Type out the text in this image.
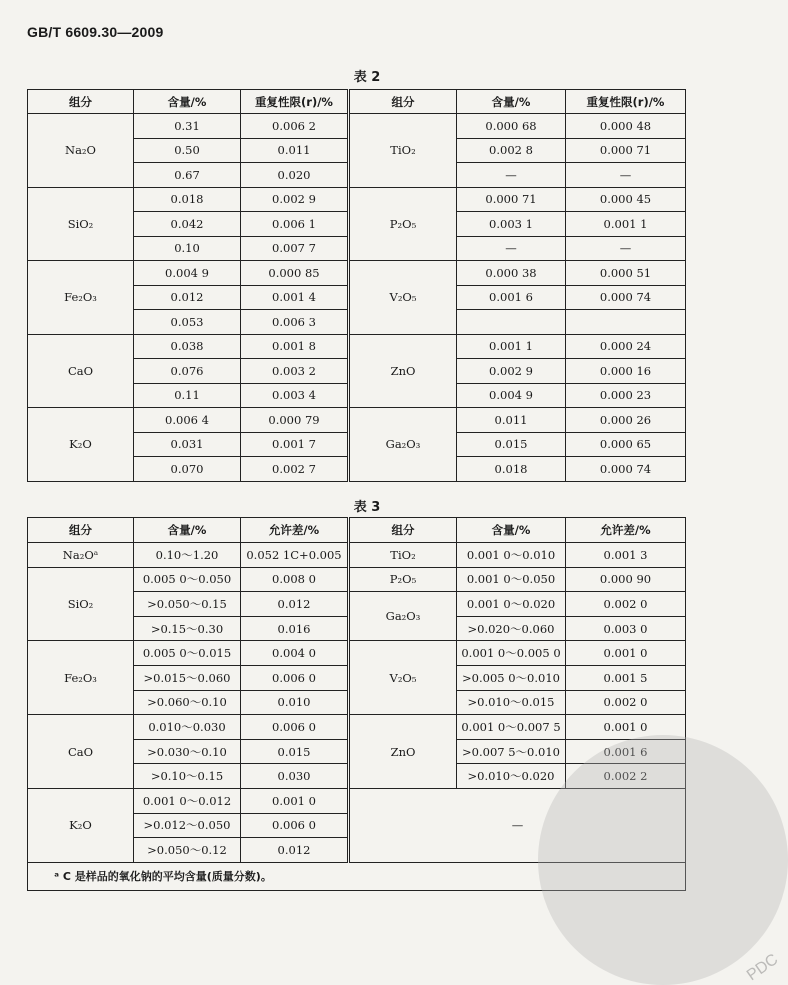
GB/T 6609.30—2009
表 2
组分	含量/%	重复性限(r)/%	组分	含量/%	重复性限(r)/%
Na₂O	0.31	0.006 2	TiO₂	0.000 68	0.000 48
	0.50	0.011		0.002 8	0.000 71
	0.67	0.020		—	—
SiO₂	0.018	0.002 9	P₂O₅	0.000 71	0.000 45
	0.042	0.006 1		0.003 1	0.001 1
	0.10	0.007 7		—	—
Fe₂O₃	0.004 9	0.000 85	V₂O₅	0.000 38	0.000 51
	0.012	0.001 4		0.001 6	0.000 74
	0.053	0.006 3			
CaO	0.038	0.001 8	ZnO	0.001 1	0.000 24
	0.076	0.003 2		0.002 9	0.000 16
	0.11	0.003 4		0.004 9	0.000 23
K₂O	0.006 4	0.000 79	Ga₂O₃	0.011	0.000 26
	0.031	0.001 7		0.015	0.000 65
	0.070	0.002 7		0.018	0.000 74
表 3
组分	含量/%	允许差/%	组分	含量/%	允许差/%
Na₂Oᵃ	0.10～1.20	0.052 1C+0.005	TiO₂	0.001 0～0.010	0.001 3
SiO₂	0.005 0～0.050	0.008 0	P₂O₅	0.001 0～0.050	0.000 90
	>0.050～0.15	0.012	Ga₂O₃	0.001 0～0.020	0.002 0
	>0.15～0.30	0.016		>0.020～0.060	0.003 0
Fe₂O₃	0.005 0～0.015	0.004 0	V₂O₅	0.001 0～0.005 0	0.001 0
	>0.015～0.060	0.006 0		>0.005 0～0.010	0.001 5
	>0.060～0.10	0.010		>0.010～0.015	0.002 0
CaO	0.010～0.030	0.006 0	ZnO	0.001 0～0.007 5	0.001 0
	>0.030～0.10	0.015		>0.007 5～0.010	0.001 6
	>0.10～0.15	0.030		>0.010～0.020	0.002 2
K₂O	0.001 0～0.012	0.001 0	—		
	>0.012～0.050	0.006 0			
	>0.050～0.12	0.012			
ᵃ C 是样品的氧化钠的平均含量(质量分数)。					
PDC
